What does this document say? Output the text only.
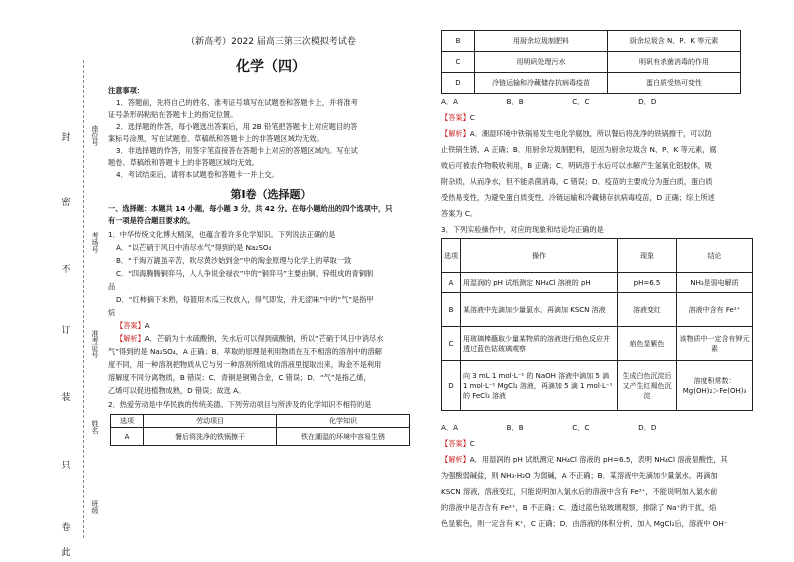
封
密
不
订
装
只
卷
此
座位号
考场号
准考证号
姓名
班级
（新高考）2022 届高三第三次模拟考试卷
化学（四）
注意事项：
1．答题前，先将自己的姓名、准考证号填写在试题卷和答题卡上，并将准考
证号条形码粘贴在答题卡上的指定位置。
2．选择题的作答，每小题选出答案后，用 2B 铅笔把答题卡上对应题目的答
案标号涂黑，写在试题卷、草稿纸和答题卡上的非答题区域均无效。
3．非选择题的作答，用签字笔直接答在答题卡上对应的答题区域内。写在试
题卷、草稿纸和答题卡上的非答题区域均无效。
4．考试结束后，请将本试题卷和答题卡一并上交。
第Ⅰ卷（选择题）
一、选择题：本题共 14 小题，每小题 3 分，共 42 分。在每小题给出的四个选项中，只
有一项是符合题目要求的。
1．中华传统文化博大精深，也蕴含着许多化学知识。下列说法正确的是
A．“以芒硝于风日中消尽水气”得到的是 Na₂SO₄
B．“千淘万漉虽辛苦，吹尽黄沙始到金”中的淘金原理与化学上的萃取一致
C．“四海腾腾铜弈马，人人争说金禄衣”中的“铜弈马”主要由铜、锌组成的青铜制
品
D．“红柿摘下未熟，每篮用木瓜三枚放入，得气即发，并无涩味”中的“气”是指甲
烷
【答案】A
【解析】A．芒硝为十水硫酸钠，失水后可以得到硫酸钠，所以“芒硝于风日中消尽水
气”得到的是 Na₂SO₄，A 正确；B．萃取的原理是利用物质在互不相溶的溶剂中的溶解
度不同，用一种溶剂把物质从它与另一种溶剂所组成的溶液里提取出来，淘金不是利用
溶解度不同分离物质，B 错误；C．青铜是铜锡合金，C 错误；D．“气”是指乙烯，
乙烯可以促进植物成熟，D 错误；故选 A。
2．热爱劳动是中华民族的传统美德。下列劳动项目与所涉及的化学知识不相符的是
选项	劳动项目	化学知识
A	餐后将洗净的铁锅擦干	铁在潮湿的环境中容易生锈
B	用厨余垃圾制肥料	厨余垃圾含 N、P、K 等元素
C	用明矾处理污水	明矾有杀菌消毒的作用
D	冷链运输和冷藏储存抗病毒疫苗	蛋白质受热可变性
A．A	B．B	C．C	D．D
【答案】C
【解析】A．潮湿环境中铁锅易发生电化学腐蚀，所以餐后将洗净的铁锅擦干，可以防
止铁锅生锈，A 正确；B．用厨余垃圾制肥料，是因为厨余垃圾含 N、P、K 等元素，腐
败后可被农作物吸收利用，B 正确；C．明矾溶于水后可以水解产生氢氧化铝胶体，吸
附杂质，从而净水，但不能杀菌消毒，C 错误；D．疫苗的主要成分为蛋白质，蛋白质
受热易变性，为避免蛋白质变性，冷链运输和冷藏储存抗病毒疫苗，D 正确；综上所述
答案为 C。
3．下列实验操作中，对应的现象和结论均正确的是
选项	操作	现象	结论
A	用湿润的 pH 试纸测定 NH₄Cl 溶液的 pH	pH=6.5	NH₃是弱电解质
B	某溶液中先滴加少量氯水，再滴加 KSCN 溶液	溶液变红	溶液中含有 Fe²⁺
C	用玻璃棒蘸取少量某物质的溶液进行焰色反应并透过蓝色钴玻璃观察	焰色显紫色	该物质中一定含有钾元素
D	向 3 mL 1 mol·L⁻¹ 的 NaOH 溶液中滴加 5 滴 1 mol·L⁻¹ MgCl₂ 溶液，再滴加 5 滴 1 mol·L⁻¹ 的 FeCl₃ 溶液	生成白色沉淀后又产生红褐色沉淀	溶度积常数：Mg(OH)₂＞Fe(OH)₃
A．A	B．B	C．C	D．D
【答案】C
【解析】A．用湿润的 pH 试纸测定 NH₄Cl 溶液的 pH=6.5，表明 NH₄Cl 溶液显酸性，其
为强酸弱碱盐，则 NH₃·H₂O 为弱碱，A 不正确；B．某溶液中先滴加少量氯水，再滴加
KSCN 溶液，溶液变红，只能说明加入氯水后的溶液中含有 Fe³⁺，不能说明加入氯水前
的溶液中是否含有 Fe²⁺，B 不正确；C．透过蓝色钴玻璃观察，排除了 Na⁺的干扰，焰
色显紫色，则一定含有 K⁺，C 正确；D．由溶液的体积分析，加入 MgCl₂后，溶液中 OH⁻
